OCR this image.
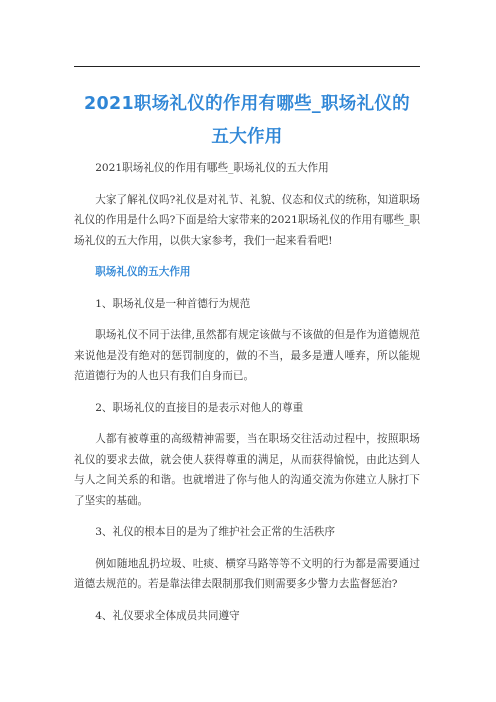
2021职场礼仪的作用有哪些_职场礼仪的
五大作用

2021职场礼仪的作用有哪些_职场礼仪的五大作用

大家了解礼仪吗?礼仪是对礼节、礼貌、仪态和仪式的统称，知道职场礼仪的作用是什么吗?下面是给大家带来的2021职场礼仪的作用有哪些_职场礼仪的五大作用，以供大家参考，我们一起来看看吧!

职场礼仪的五大作用

1、职场礼仪是一种首德行为规范

职场礼仪不同于法律,虽然都有规定该做与不该做的但是作为道德规范来说他是没有绝对的惩罚制度的，做的不当，最多是遭人唾弃，所以能规范道德行为的人也只有我们自身而已。

2、职场礼仪的直接目的是表示对他人的尊重

人都有被尊重的高级精神需要，当在职场交往活动过程中，按照职场礼仪的要求去做，就会使人获得尊重的满足，从而获得愉悦，由此达到人与人之间关系的和谐。也就增进了你与他人的沟通交流为你建立人脉打下了坚实的基础。

3、礼仪的根本目的是为了维护社会正常的生活秩序

例如随地乱扔垃圾、吐痰、横穿马路等等不文明的行为都是需要通过道德去规范的。若是靠法律去限制那我们则需要多少警力去监督惩治?

4、礼仪要求全体成员共同遵守
